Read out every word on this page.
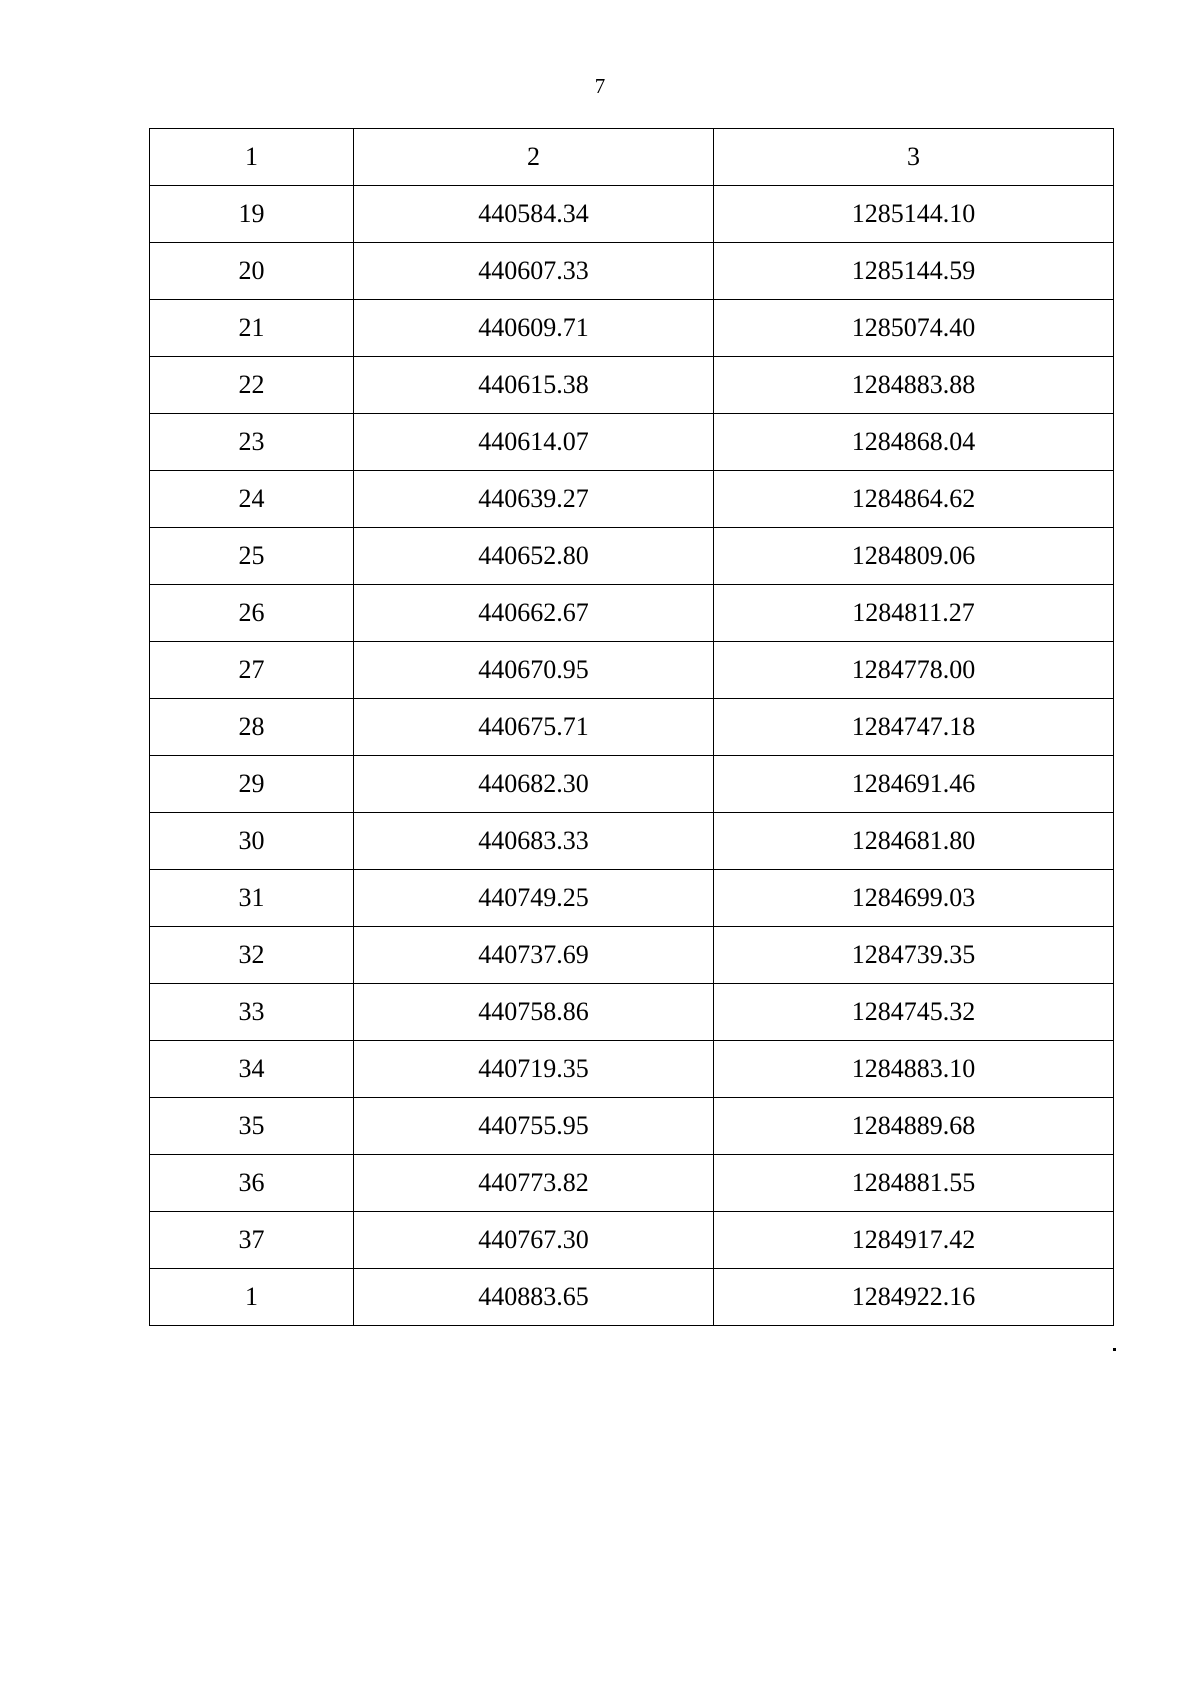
7
1	2	3
19	440584.34	1285144.10
20	440607.33	1285144.59
21	440609.71	1285074.40
22	440615.38	1284883.88
23	440614.07	1284868.04
24	440639.27	1284864.62
25	440652.80	1284809.06
26	440662.67	1284811.27
27	440670.95	1284778.00
28	440675.71	1284747.18
29	440682.30	1284691.46
30	440683.33	1284681.80
31	440749.25	1284699.03
32	440737.69	1284739.35
33	440758.86	1284745.32
34	440719.35	1284883.10
35	440755.95	1284889.68
36	440773.82	1284881.55
37	440767.30	1284917.42
1	440883.65	1284922.16
